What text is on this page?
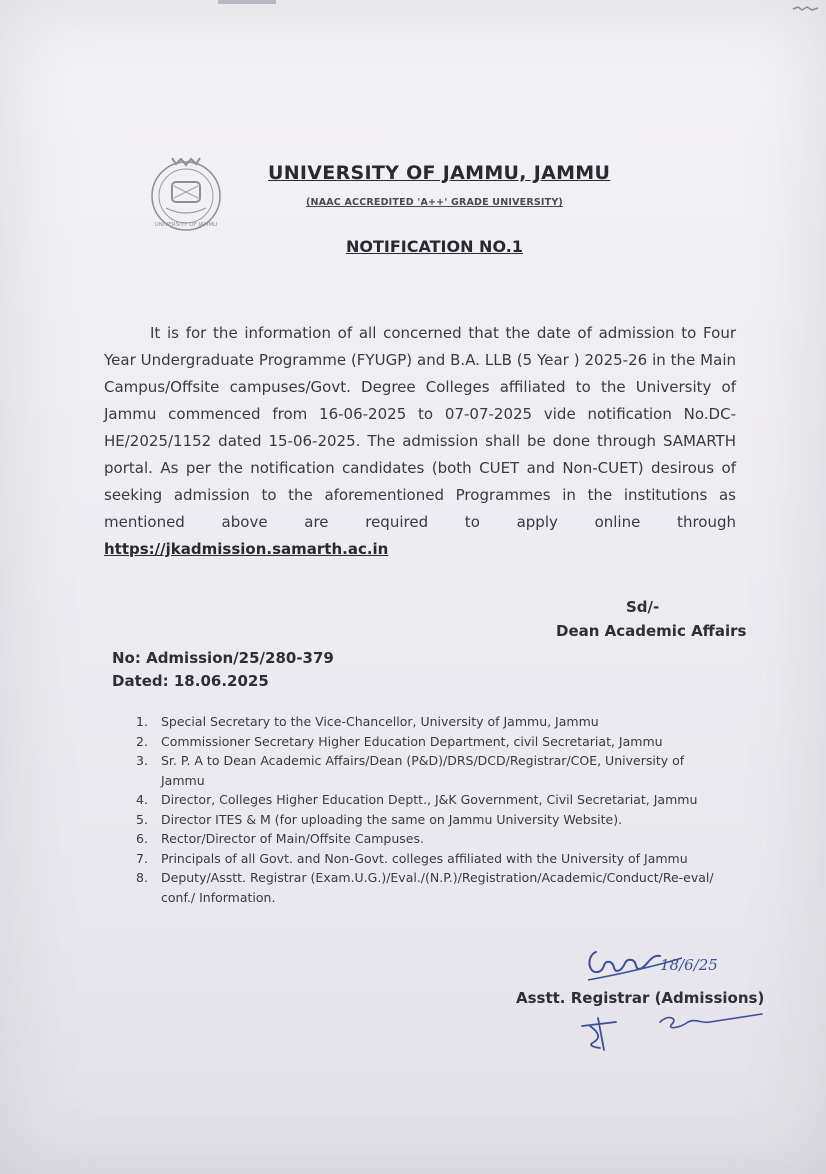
UNIVERSITY OF JAMMU
UNIVERSITY OF JAMMU, JAMMU
(NAAC ACCREDITED 'A++' GRADE UNIVERSITY)
NOTIFICATION NO.1
It is for the information of all concerned that the date of admission to Four Year Undergraduate Programme (FYUGP) and B.A. LLB (5 Year ) 2025-26 in the Main Campus/Offsite campuses/Govt. Degree Colleges affiliated to the University of Jammu commenced from 16-06-2025 to 07-07-2025 vide notification No.DC-HE/2025/1152 dated 15-06-2025. The admission shall be done through SAMARTH portal. As per the notification candidates (both CUET and Non-CUET) desirous of seeking admission to the aforementioned Programmes in the institutions as mentioned above are required to apply online through https://jkadmission.samarth.ac.in
Sd/-
Dean Academic Affairs
No: Admission/25/280-379
Dated: 18.06.2025
1. Special Secretary to the Vice-Chancellor, University of Jammu, Jammu
2. Commissioner Secretary Higher Education Department, civil Secretariat, Jammu
3. Sr. P. A to Dean Academic Affairs/Dean (P&D)/DRS/DCD/Registrar/COE, University of Jammu
4. Director, Colleges Higher Education Deptt., J&K Government, Civil Secretariat, Jammu
5. Director ITES & M (for uploading the same on Jammu University Website).
6. Rector/Director of Main/Offsite Campuses.
7. Principals of all Govt. and Non-Govt. colleges affiliated with the University of Jammu
8. Deputy/Asstt. Registrar (Exam.U.G.)/Eval./(N.P.)/Registration/Academic/Conduct/Re-eval/ conf./ Information.
18/6/25
Asstt. Registrar (Admissions)
